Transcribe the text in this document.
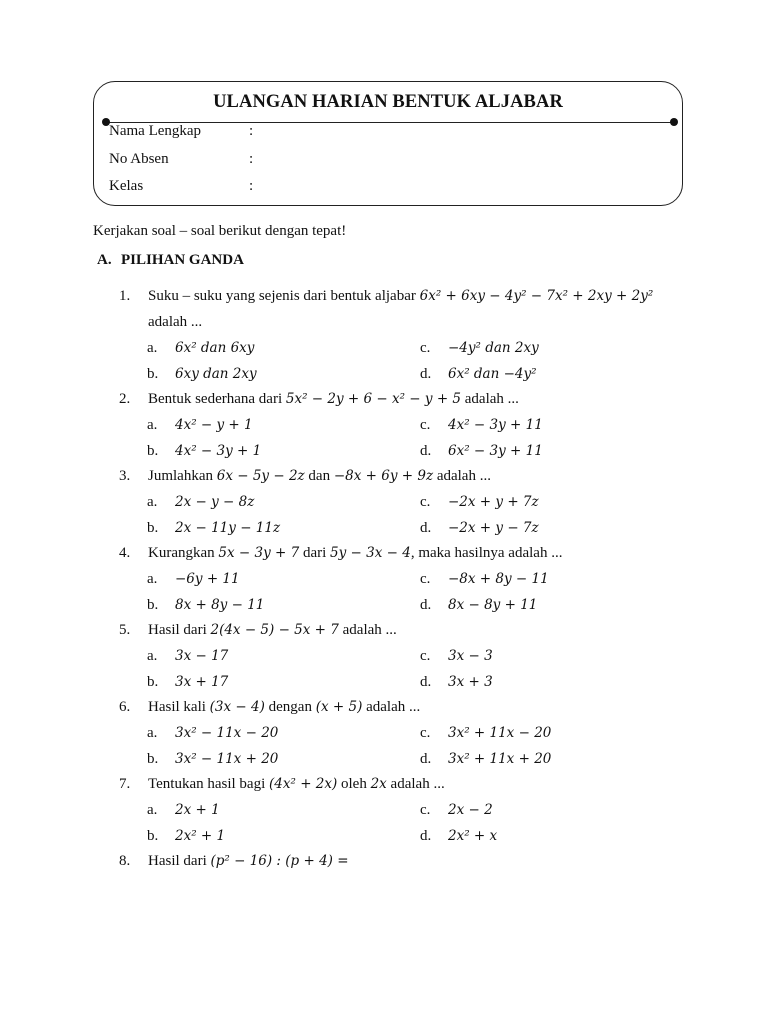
ULANGAN HARIAN BENTUK ALJABAR
Nama Lengkap	:
No Absen	:
Kelas	:
Kerjakan soal – soal berikut dengan tepat!
A. PILIHAN GANDA
1. Suku – suku yang sejenis dari bentuk aljabar 6x² + 6xy − 4y² − 7x² + 2xy + 2y²
adalah ...
a. 6x² dan 6xy	c. −4y² dan 2xy
b. 6xy dan 2xy	d. 6x² dan −4y²
2. Bentuk sederhana dari 5x² − 2y + 6 − x² − y + 5 adalah ...
a. 4x² − y + 1	c. 4x² − 3y + 11
b. 4x² − 3y + 1	d. 6x² − 3y + 11
3. Jumlahkan 6x − 5y − 2z dan −8x + 6y + 9z adalah ...
a. 2x − y − 8z	c. −2x + y + 7z
b. 2x − 11y − 11z	d. −2x + y − 7z
4. Kurangkan 5x − 3y + 7 dari 5y − 3x − 4, maka hasilnya adalah ...
a. −6y + 11	c. −8x + 8y − 11
b. 8x + 8y − 11	d. 8x − 8y + 11
5. Hasil dari 2(4x − 5) − 5x + 7 adalah ...
a. 3x − 17	c. 3x − 3
b. 3x + 17	d. 3x + 3
6. Hasil kali (3x − 4) dengan (x + 5) adalah ...
a. 3x² − 11x − 20	c. 3x² + 11x − 20
b. 3x² − 11x + 20	d. 3x² + 11x + 20
7. Tentukan hasil bagi (4x² + 2x) oleh 2x adalah ...
a. 2x + 1	c. 2x − 2
b. 2x² + 1	d. 2x² + x
8. Hasil dari (p² − 16) : (p + 4) =
